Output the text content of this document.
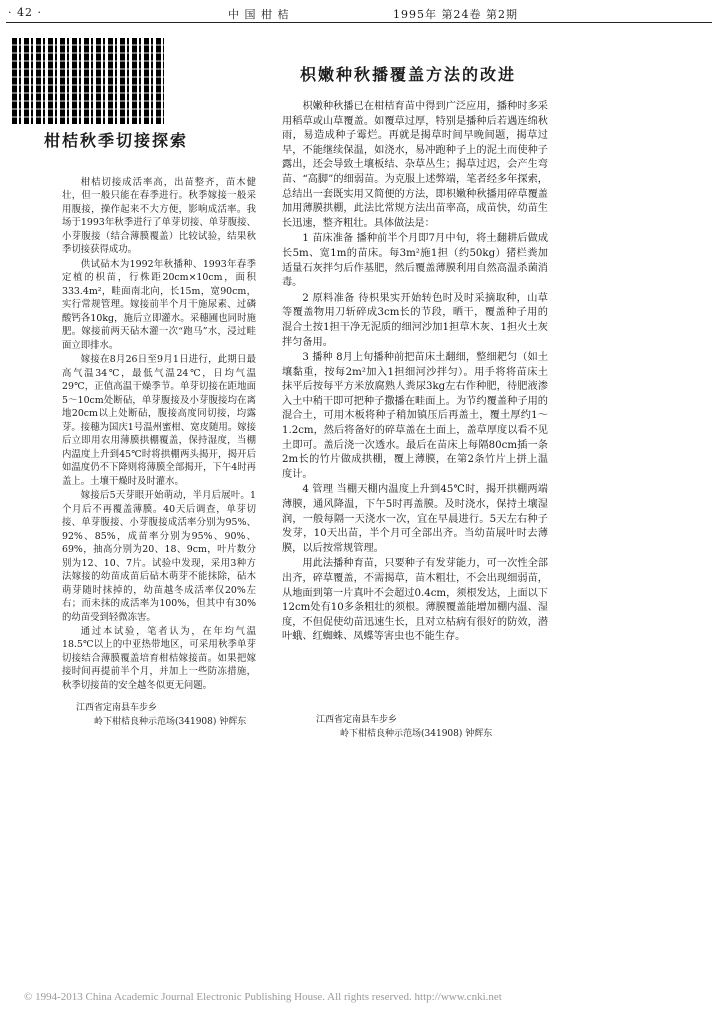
· 42 ·	中 国 柑 桔	1995年 第24卷 第2期
柑桔秋季切接探索
枳嫩种秋播覆盖方法的改进

柑桔切接成活率高，出苗整齐，苗木健壮，但一般只能在春季进行。秋季嫁接一般采用腹接，操作起来不大方便，影响成活率。我场于1993年秋季进行了单芽切接、单芽腹接、小芽腹接（结合薄膜覆盖）比较试验，结果秋季切接获得成功。

供试砧木为1992年秋播种、1993年春季定植的枳苗，行株距20cm×10cm，面积333.4m²，畦面南北向，长15m，宽90cm，实行常规管理。嫁接前半个月干施尿素、过磷酸钙各10kg，施后立即灌水。采穗圃也同时施肥。嫁接前两天砧木灌一次“跑马”水，浸过畦面立即排水。

嫁接在8月26日至9月1日进行，此期日最高气温34℃，最低气温24℃，日均气温29℃，正值高温干燥季节。单芽切接在距地面5～10cm处断砧，单芽腹接及小芽腹接均在离地20cm以上处断砧，腹接高度同切接，均露芽。接穗为国庆1号温州蜜柑、宽皮随用。嫁接后立即用农用薄膜拱棚覆盖，保持湿度，当棚内温度上升到45℃时将拱棚两头揭开，揭开后如温度仍不下降则将薄膜全部揭开，下午4时再盖上。土壤干燥时及时灌水。

嫁接后5天芽眼开始萌动，半月后展叶。1个月后不再覆盖薄膜。40天后调查，单芽切接、单芽腹接、小芽腹接成活率分别为95%、92%、85%，成苗率分别为95%、90%、69%，抽高分别为20、18、9cm，叶片数分别为12、10、7片。试验中发现，采用3种方法嫁接的幼苗成苗后砧木萌芽不能抹除，砧木萌芽随时抹掉的，幼苗越冬成活率仅20%左右；而未抹的成活率为100%，但其中有30%的幼苗受到轻微冻害。

通过本试验，笔者认为，在年均气温18.5℃以上的中亚热带地区，可采用秋季单芽切接结合薄膜覆盖培育柑桔嫁接苗。如果把嫁接时间再提前半个月，并加上一些防冻措施，秋季切接苗的安全越冬似更无问题。

江西省定南县车步乡
岭下柑桔良种示范场(341908) 钟辉东

枳嫩种秋播已在柑桔育苗中得到广泛应用，播种时多采用稻草或山草覆盖。如覆草过厚，特别是播种后若遇连绵秋雨，易造成种子霉烂。再就是揭草时间早晚间题，揭草过早，不能继续保温，如浇水，易冲跑种子上的泥土而使种子露出，还会导致土壤板结、杂草丛生；揭草过迟，会产生弯苗、“高脚”的细弱苗。为克服上述弊端，笔者经多年探索，总结出一套既实用又简便的方法，即枳嫩种秋播用碎草覆盖加用薄膜拱棚，此法比常规方法出苗率高，成苗快，幼苗生长迅速，整齐粗壮。具体做法是：

1 苗床准备 播种前半个月即7月中旬，将土翻耕后做成长5m、宽1m的苗床。每3m²施1担（约50kg）猪栏粪加适量石灰拌匀后作基肥，然后覆盖薄膜利用自然高温杀菌消毒。

2 原料准备 待枳果实开始转色时及时采摘取种，山草等覆盖物用刀斩碎成3cm长的节段，晒干，覆盖种子用的混合土按1担干净无泥质的细河沙加1担草木灰、1担火土灰拌匀备用。

3 播种 8月上旬播种前把苗床土翻细，整细耙匀（如土壤黏重，按每2m²加入1担细河沙拌匀）。用手将将苗床土抹平后按每平方米放腐熟人粪尿3kg左右作种肥，待肥液渗入土中稍干即可把种子撒播在畦面上。为节约覆盖种子用的混合土，可用木板将种子稍加镇压后再盖土，覆土厚约1～1.2cm，然后将备好的碎草盖在土面上，盖草厚度以看不见土即可。盖后浇一次透水。最后在苗床上每隔80cm插一条2m长的竹片做成拱棚，覆上薄膜，在第2条竹片上拼上温度计。

4 管理 当棚天棚内温度上升到45℃时，揭开拱棚两端薄膜，通风降温，下午5时再盖膜。及时浇水，保持土壤湿润，一般每隔一天浇水一次，宜在早晨进行。5天左右种子发芽，10天出苗，半个月可全部出齐。当幼苗展叶时去薄膜，以后按常规管理。

用此法播种育苗，只要种子有发芽能力，可一次性全部出齐，碎草覆盖，不需揭草，苗木粗壮，不会出现细弱苗，从地面到第一片真叶不会超过0.4cm，须根发达，上面以下12cm处有10多条粗壮的须根。薄膜覆盖能增加棚内温、湿度，不但促使幼苗迅速生长，且对立枯病有很好的防效，潜叶蛾、红蜘蛛、凤蝶等害虫也不能生存。

江西省定南县车步乡
岭下柑桔良种示范场(341908) 钟辉东
© 1994-2013 China Academic Journal Electronic Publishing House. All rights reserved. http://www.cnki.net
